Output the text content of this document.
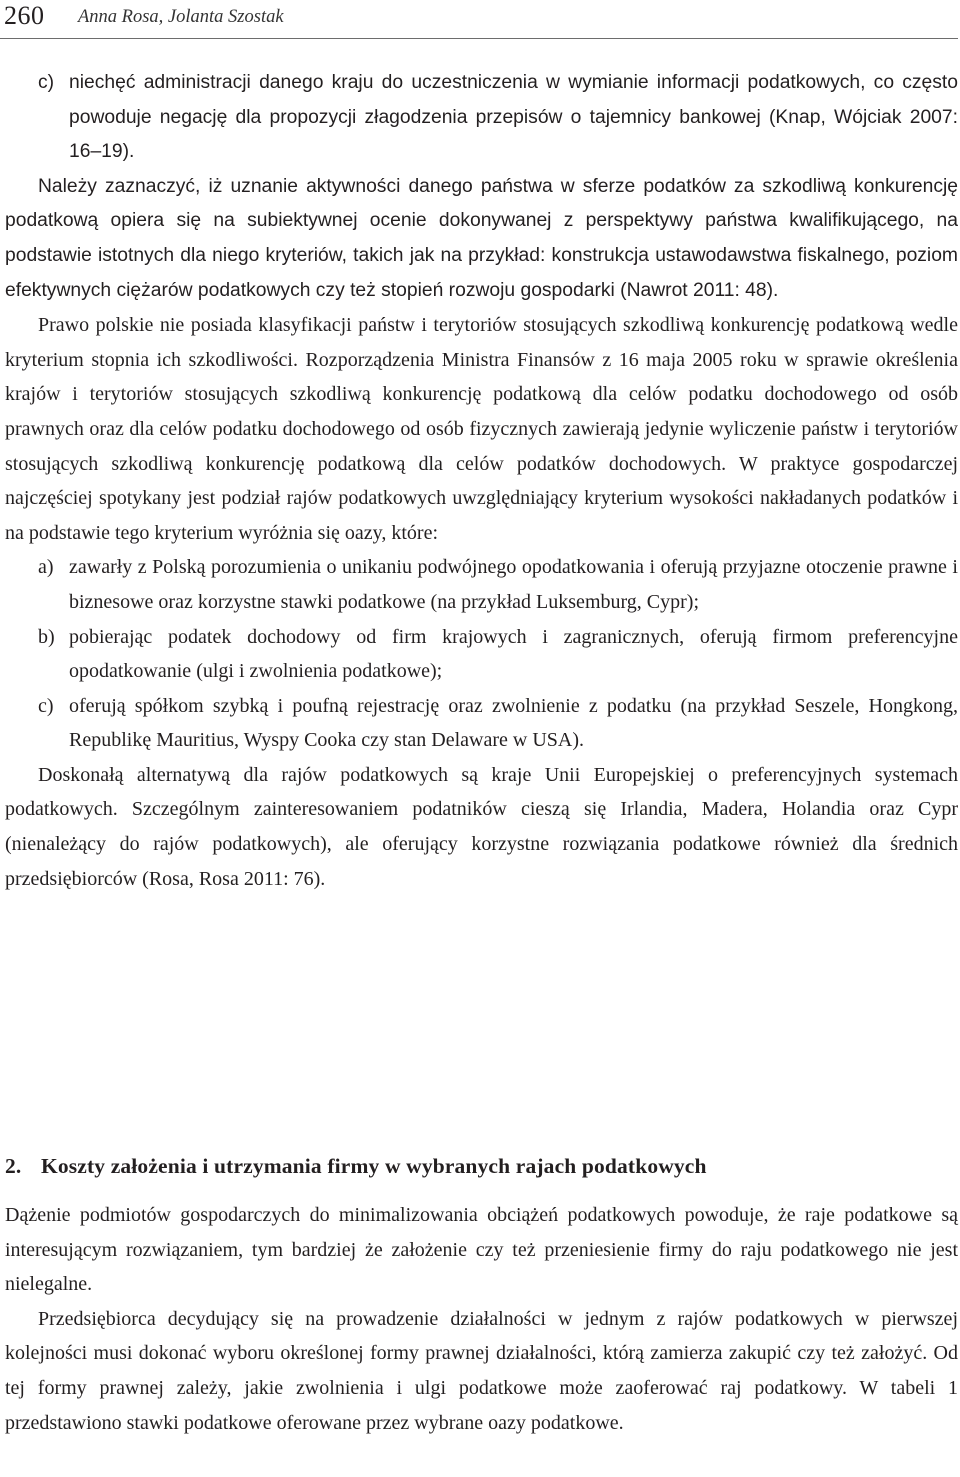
260 Anna Rosa, Jolanta Szostak
c) niechęć administracji danego kraju do uczestniczenia w wymianie informacji podatkowych, co często powoduje negację dla propozycji złagodzenia przepisów o tajemnicy bankowej (Knap, Wójciak 2007: 16–19).

Należy zaznaczyć, iż uznanie aktywności danego państwa w sferze podatków za szkodliwą konkurencję podatkową opiera się na subiektywnej ocenie dokonywanej z perspektywy państwa kwalifikującego, na podstawie istotnych dla niego kryteriów, takich jak na przykład: konstrukcja ustawodawstwa fiskalnego, poziom efektywnych ciężarów podatkowych czy też stopień rozwoju gospodarki (Nawrot 2011: 48).

Prawo polskie nie posiada klasyfikacji państw i terytoriów stosujących szkodliwą konkurencję podatkową wedle kryterium stopnia ich szkodliwości. Rozporządzenia Ministra Finansów z 16 maja 2005 roku w sprawie określenia krajów i terytoriów stosujących szkodliwą konkurencję podatkową dla celów podatku dochodowego od osób prawnych oraz dla celów podatku dochodowego od osób fizycznych zawierają jedynie wyliczenie państw i terytoriów stosujących szkodliwą konkurencję podatkową dla celów podatków dochodowych. W praktyce gospodarczej najczęściej spotykany jest podział rajów podatkowych uwzględniający kryterium wysokości nakładanych podatków i na podstawie tego kryterium wyróżnia się oazy, które:

a) zawarły z Polską porozumienia o unikaniu podwójnego opodatkowania i oferują przyjazne otoczenie prawne i biznesowe oraz korzystne stawki podatkowe (na przykład Luksemburg, Cypr);
b) pobierając podatek dochodowy od firm krajowych i zagranicznych, oferują firmom preferencyjne opodatkowanie (ulgi i zwolnienia podatkowe);
c) oferują spółkom szybką i poufną rejestrację oraz zwolnienie z podatku (na przykład Seszele, Hongkong, Republikę Mauritius, Wyspy Cooka czy stan Delaware w USA).

Doskonałą alternatywą dla rajów podatkowych są kraje Unii Europejskiej o preferencyjnych systemach podatkowych. Szczególnym zainteresowaniem podatników cieszą się Irlandia, Madera, Holandia oraz Cypr (nienależący do rajów podatkowych), ale oferujący korzystne rozwiązania podatkowe również dla średnich przedsiębiorców (Rosa, Rosa 2011: 76).

2. Koszty założenia i utrzymania firmy w wybranych rajach podatkowych

Dążenie podmiotów gospodarczych do minimalizowania obciążeń podatkowych powoduje, że raje podatkowe są interesującym rozwiązaniem, tym bardziej że założenie czy też przeniesienie firmy do raju podatkowego nie jest nielegalne.

Przedsiębiorca decydujący się na prowadzenie działalności w jednym z rajów podatkowych w pierwszej kolejności musi dokonać wyboru określonej formy prawnej działalności, którą zamierza zakupić czy też założyć. Od tej formy prawnej zależy, jakie zwolnienia i ulgi podatkowe może zaoferować raj podatkowy. W tabeli 1 przedstawiono stawki podatkowe oferowane przez wybrane oazy podatkowe.
